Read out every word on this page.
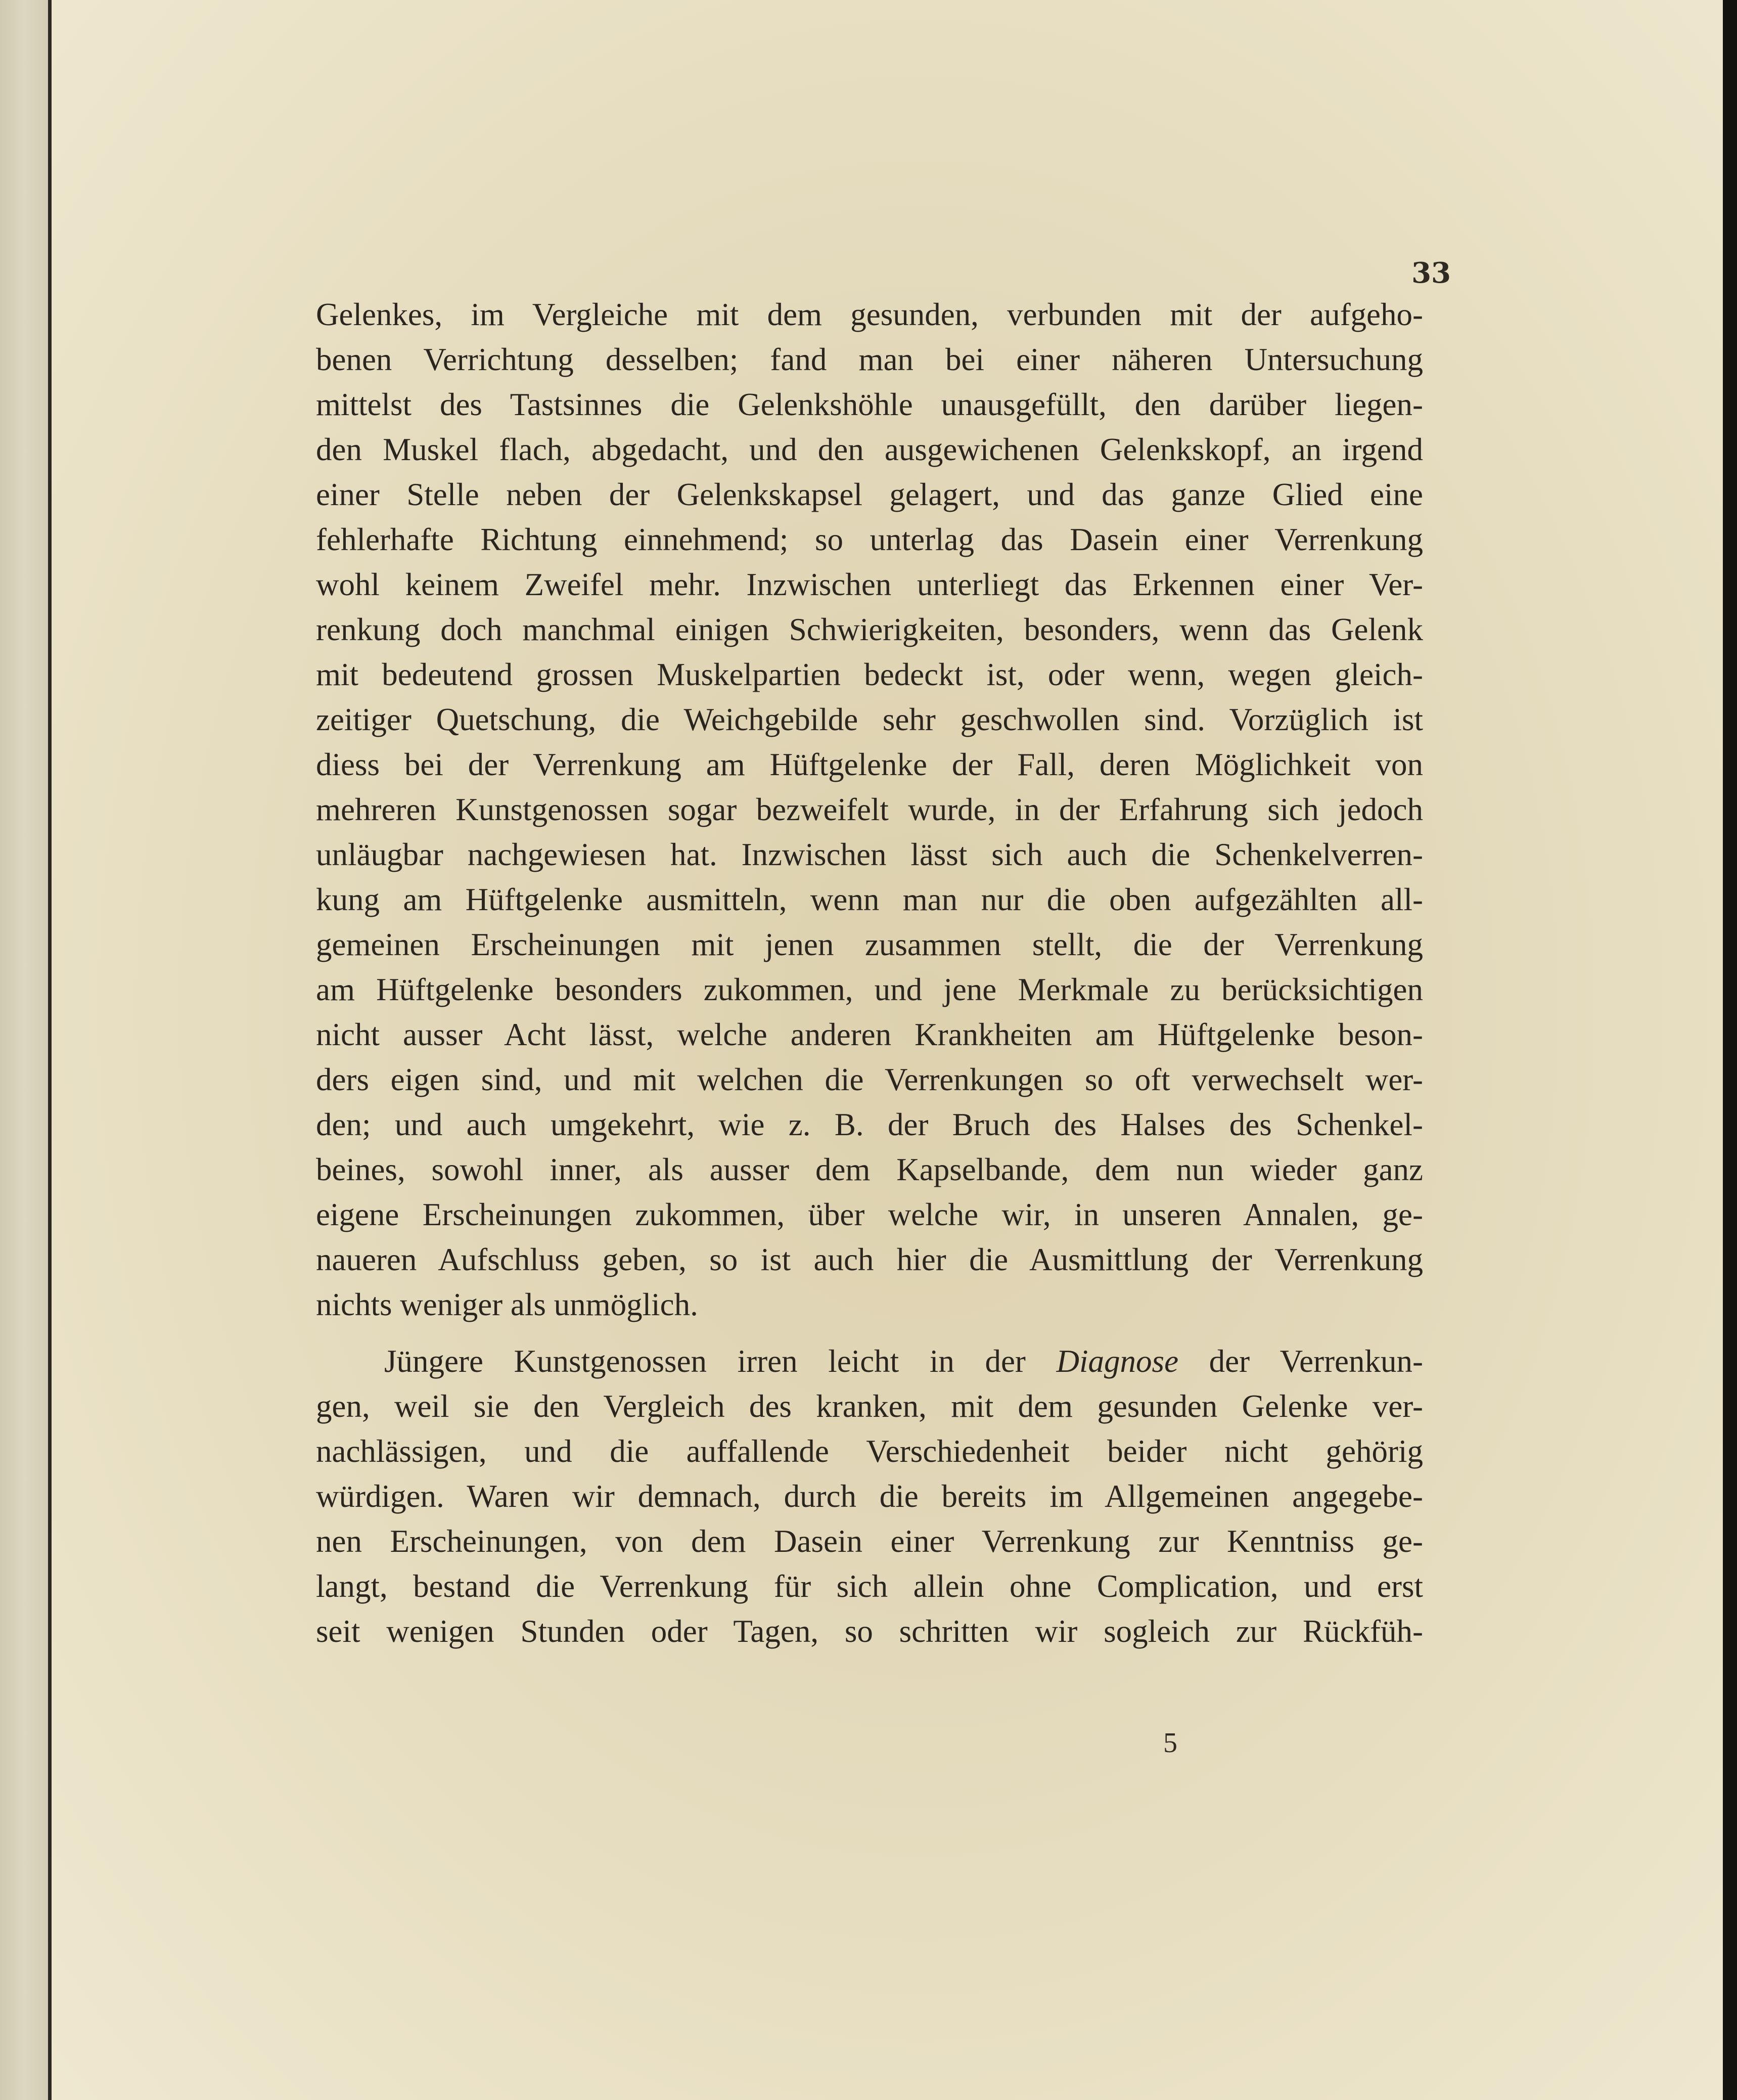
33
Gelenkes, im Vergleiche mit dem gesunden, verbunden mit der aufgeho-
benen Verrichtung desselben; fand man bei einer näheren Untersuchung
mittelst des Tastsinnes die Gelenkshöhle unausgefüllt, den darüber liegen-
den Muskel flach, abgedacht, und den ausgewichenen Gelenkskopf, an irgend
einer Stelle neben der Gelenkskapsel gelagert, und das ganze Glied eine
fehlerhafte Richtung einnehmend; so unterlag das Dasein einer Verrenkung
wohl keinem Zweifel mehr. Inzwischen unterliegt das Erkennen einer Ver-
renkung doch manchmal einigen Schwierigkeiten, besonders, wenn das Gelenk
mit bedeutend grossen Muskelpartien bedeckt ist, oder wenn, wegen gleich-
zeitiger Quetschung, die Weichgebilde sehr geschwollen sind. Vorzüglich ist
diess bei der Verrenkung am Hüftgelenke der Fall, deren Möglichkeit von
mehreren Kunstgenossen sogar bezweifelt wurde, in der Erfahrung sich jedoch
unläugbar nachgewiesen hat. Inzwischen lässt sich auch die Schenkelverren-
kung am Hüftgelenke ausmitteln, wenn man nur die oben aufgezählten all-
gemeinen Erscheinungen mit jenen zusammen stellt, die der Verrenkung
am Hüftgelenke besonders zukommen, und jene Merkmale zu berücksichtigen
nicht ausser Acht lässt, welche anderen Krankheiten am Hüftgelenke beson-
ders eigen sind, und mit welchen die Verrenkungen so oft verwechselt wer-
den; und auch umgekehrt, wie z. B. der Bruch des Halses des Schenkel-
beines, sowohl inner, als ausser dem Kapselbande, dem nun wieder ganz
eigene Erscheinungen zukommen, über welche wir, in unseren Annalen, ge-
naueren Aufschluss geben, so ist auch hier die Ausmittlung der Verrenkung
nichts weniger als unmöglich.
Jüngere Kunstgenossen irren leicht in der Diagnose der Verrenkun-
gen, weil sie den Vergleich des kranken, mit dem gesunden Gelenke ver-
nachlässigen, und die auffallende Verschiedenheit beider nicht gehörig
würdigen. Waren wir demnach, durch die bereits im Allgemeinen angegebe-
nen Erscheinungen, von dem Dasein einer Verrenkung zur Kenntniss ge-
langt, bestand die Verrenkung für sich allein ohne Complication, und erst
seit wenigen Stunden oder Tagen, so schritten wir sogleich zur Rückfüh-
5
